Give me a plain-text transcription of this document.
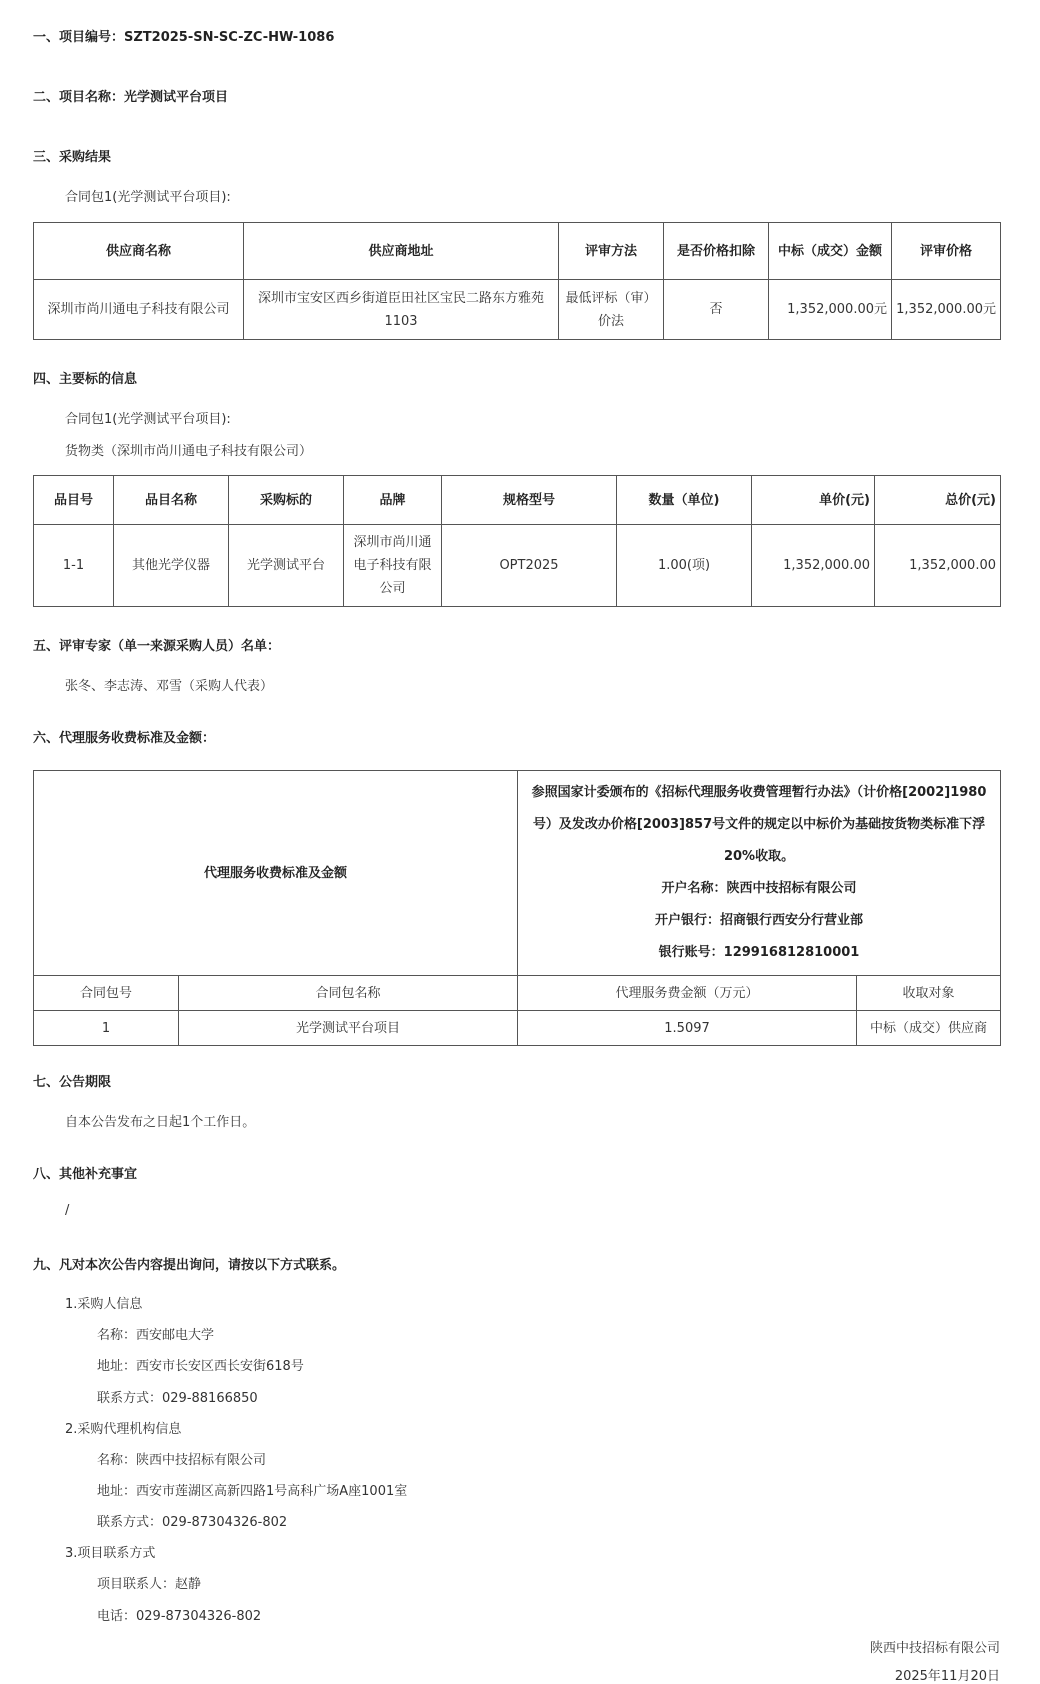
一、项目编号：SZT2025-SN-SC-ZC-HW-1086
二、项目名称：光学测试平台项目
三、采购结果
合同包1(光学测试平台项目):
供应商名称	供应商地址	评审方法	是否价格扣除	中标（成交）金额	评审价格
深圳市尚川通电子科技有限公司	深圳市宝安区西乡街道臣田社区宝民二路东方雅苑1103	最低评标（审）价法	否	1,352,000.00元	1,352,000.00元
四、主要标的信息
合同包1(光学测试平台项目):
货物类（深圳市尚川通电子科技有限公司）
品目号	品目名称	采购标的	品牌	规格型号	数量（单位)	单价(元)	总价(元)
1-1	其他光学仪器	光学测试平台	深圳市尚川通电子科技有限公司	OPT2025	1.00(项)	1,352,000.00	1,352,000.00
五、评审专家（单一来源采购人员）名单：
张冬、李志涛、邓雪（采购人代表）
六、代理服务收费标准及金额：
代理服务收费标准及金额		参照国家计委颁布的《招标代理服务收费管理暂行办法》（计价格[2002]1980号）及发改办价格[2003]857号文件的规定以中标价为基础按货物类标准下浮20%收取。
开户名称：陕西中技招标有限公司
开户银行：招商银行西安分行营业部
银行账号：129916812810001	

合同包号	合同包名称	代理服务费金额（万元）	收取对象
1	光学测试平台项目	1.5097	中标（成交）供应商
七、公告期限
自本公告发布之日起1个工作日。
八、其他补充事宜
/
九、凡对本次公告内容提出询问，请按以下方式联系。
1.采购人信息
名称：西安邮电大学
地址：西安市长安区西长安街618号
联系方式：029-88166850
2.采购代理机构信息
名称：陕西中技招标有限公司
地址：西安市莲湖区高新四路1号高科广场A座1001室
联系方式：029-87304326-802
3.项目联系方式
项目联系人：赵静
电话：029-87304326-802
陕西中技招标有限公司
2025年11月20日
